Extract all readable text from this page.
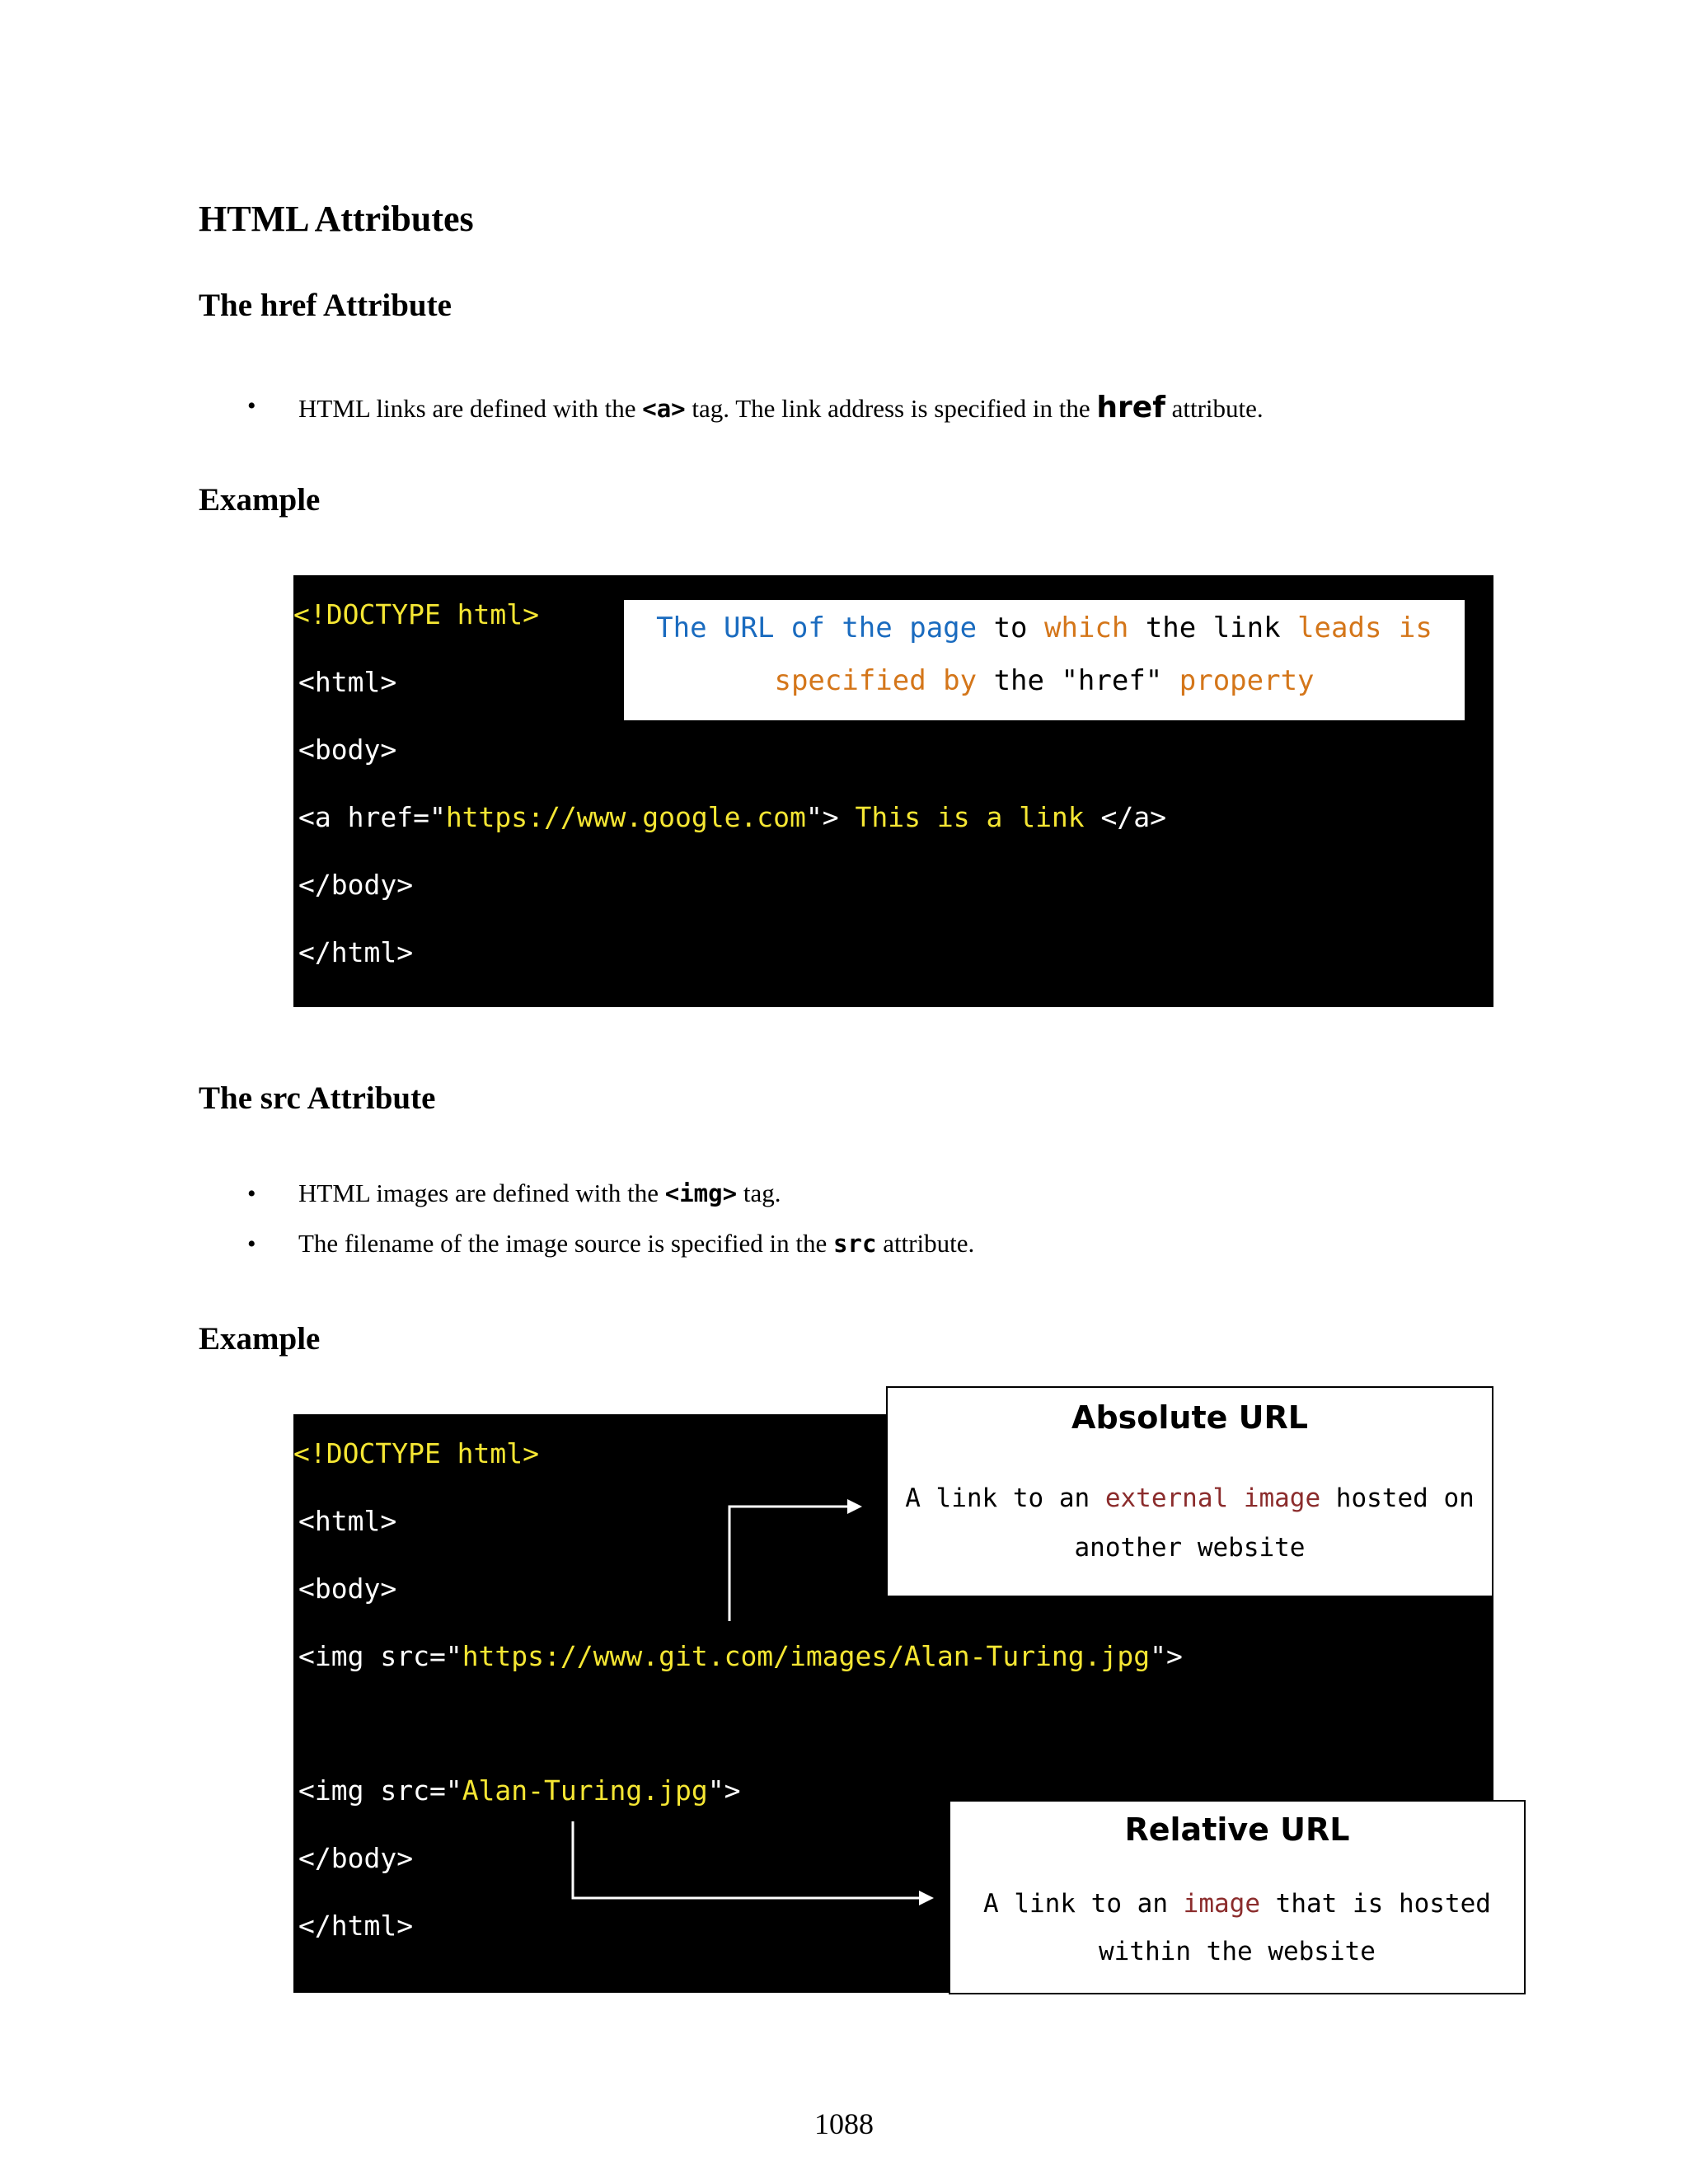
HTML Attributes
The href Attribute
• HTML links are defined with the <a> tag. The link address is specified in the href attribute.
Example
<!DOCTYPE html>
<html>
<body>
<a href="https://www.google.com"> This is a link </a>
</body>
</html>
The URL of the page to which the link leads is
specified by the "href" property
The src Attribute
• HTML images are defined with the <img> tag.
• The filename of the image source is specified in the src attribute.
Example
<!DOCTYPE html>
<html>
<body>
<img src="https://www.git.com/images/Alan-Turing.jpg">
<img src="Alan-Turing.jpg">
</body>
</html>
Absolute URL
A link to an external image hosted on
another website
Relative URL
A link to an image that is hosted
within the website
1088
